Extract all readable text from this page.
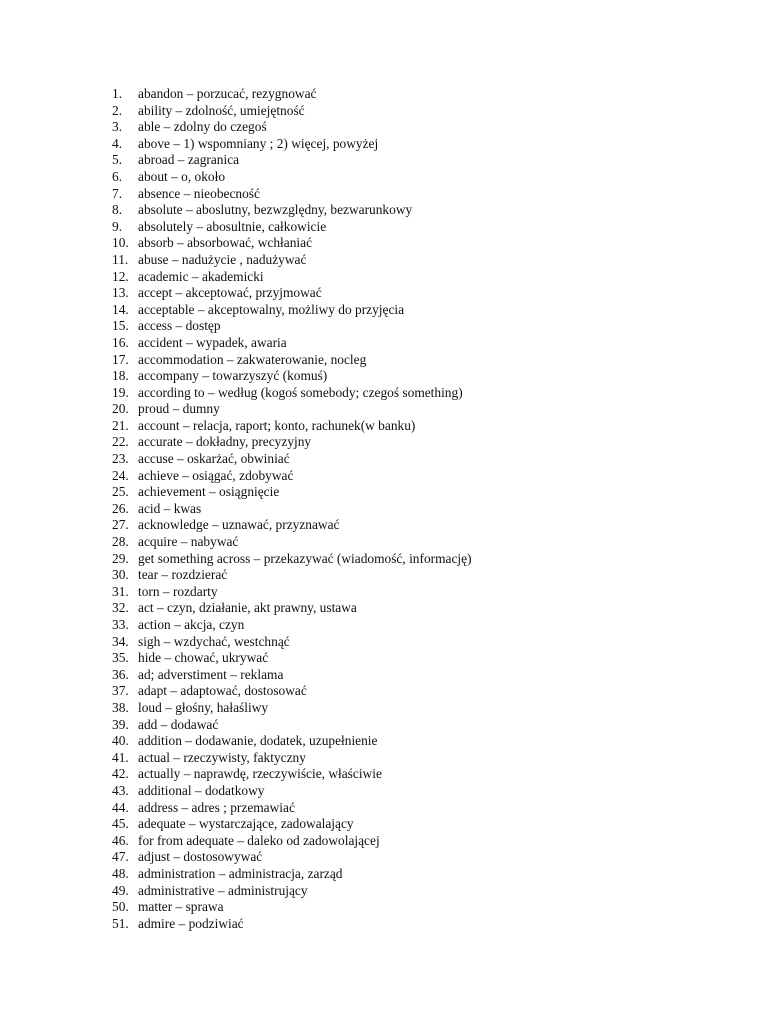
1.	abandon – porzucać, rezygnować
2.	ability – zdolność, umiejętność
3.	able – zdolny do czegoś
4.	above – 1) wspomniany ; 2) więcej, powyżej
5.	abroad – zagranica
6.	about – o, około
7.	absence – nieobecność
8.	absolute – aboslutny, bezwzględny, bezwarunkowy
9.	absolutely – abosultnie, całkowicie
10. absorb – absorbować, wchłaniać
11. abuse – nadużycie , nadużywać
12. academic – akademicki
13. accept – akceptować, przyjmować
14. acceptable – akceptowalny, możliwy do przyjęcia
15. access – dostęp
16. accident – wypadek, awaria
17. accommodation – zakwaterowanie, nocleg
18. accompany – towarzyszyć (komuś)
19. according to – według (kogoś somebody; czegoś something)
20. proud – dumny
21. account – relacja, raport; konto, rachunek(w banku)
22. accurate – dokładny, precyzyjny
23. accuse – oskarżać, obwiniać
24. achieve – osiągać, zdobywać
25. achievement – osiągnięcie
26. acid – kwas
27. acknowledge – uznawać, przyznawać
28. acquire – nabywać
29. get something across – przekazywać (wiadomość, informację)
30. tear – rozdzierać
31. torn – rozdarty
32. act – czyn, działanie, akt prawny, ustawa
33. action – akcja, czyn
34. sigh – wzdychać, westchnąć
35. hide – chować, ukrywać
36. ad; adverstiment – reklama
37. adapt – adaptować, dostosować
38. loud – głośny, hałaśliwy
39. add – dodawać
40. addition – dodawanie, dodatek, uzupełnienie
41. actual – rzeczywisty, faktyczny
42. actually – naprawdę, rzeczywiście, właściwie
43. additional – dodatkowy
44. address – adres ; przemawiać
45. adequate – wystarczające, zadowalający
46. for from adequate – daleko od zadowolającej
47. adjust – dostosowywać
48. administration – administracja, zarząd
49. administrative – administrujący
50. matter – sprawa
51. admire – podziwiać
